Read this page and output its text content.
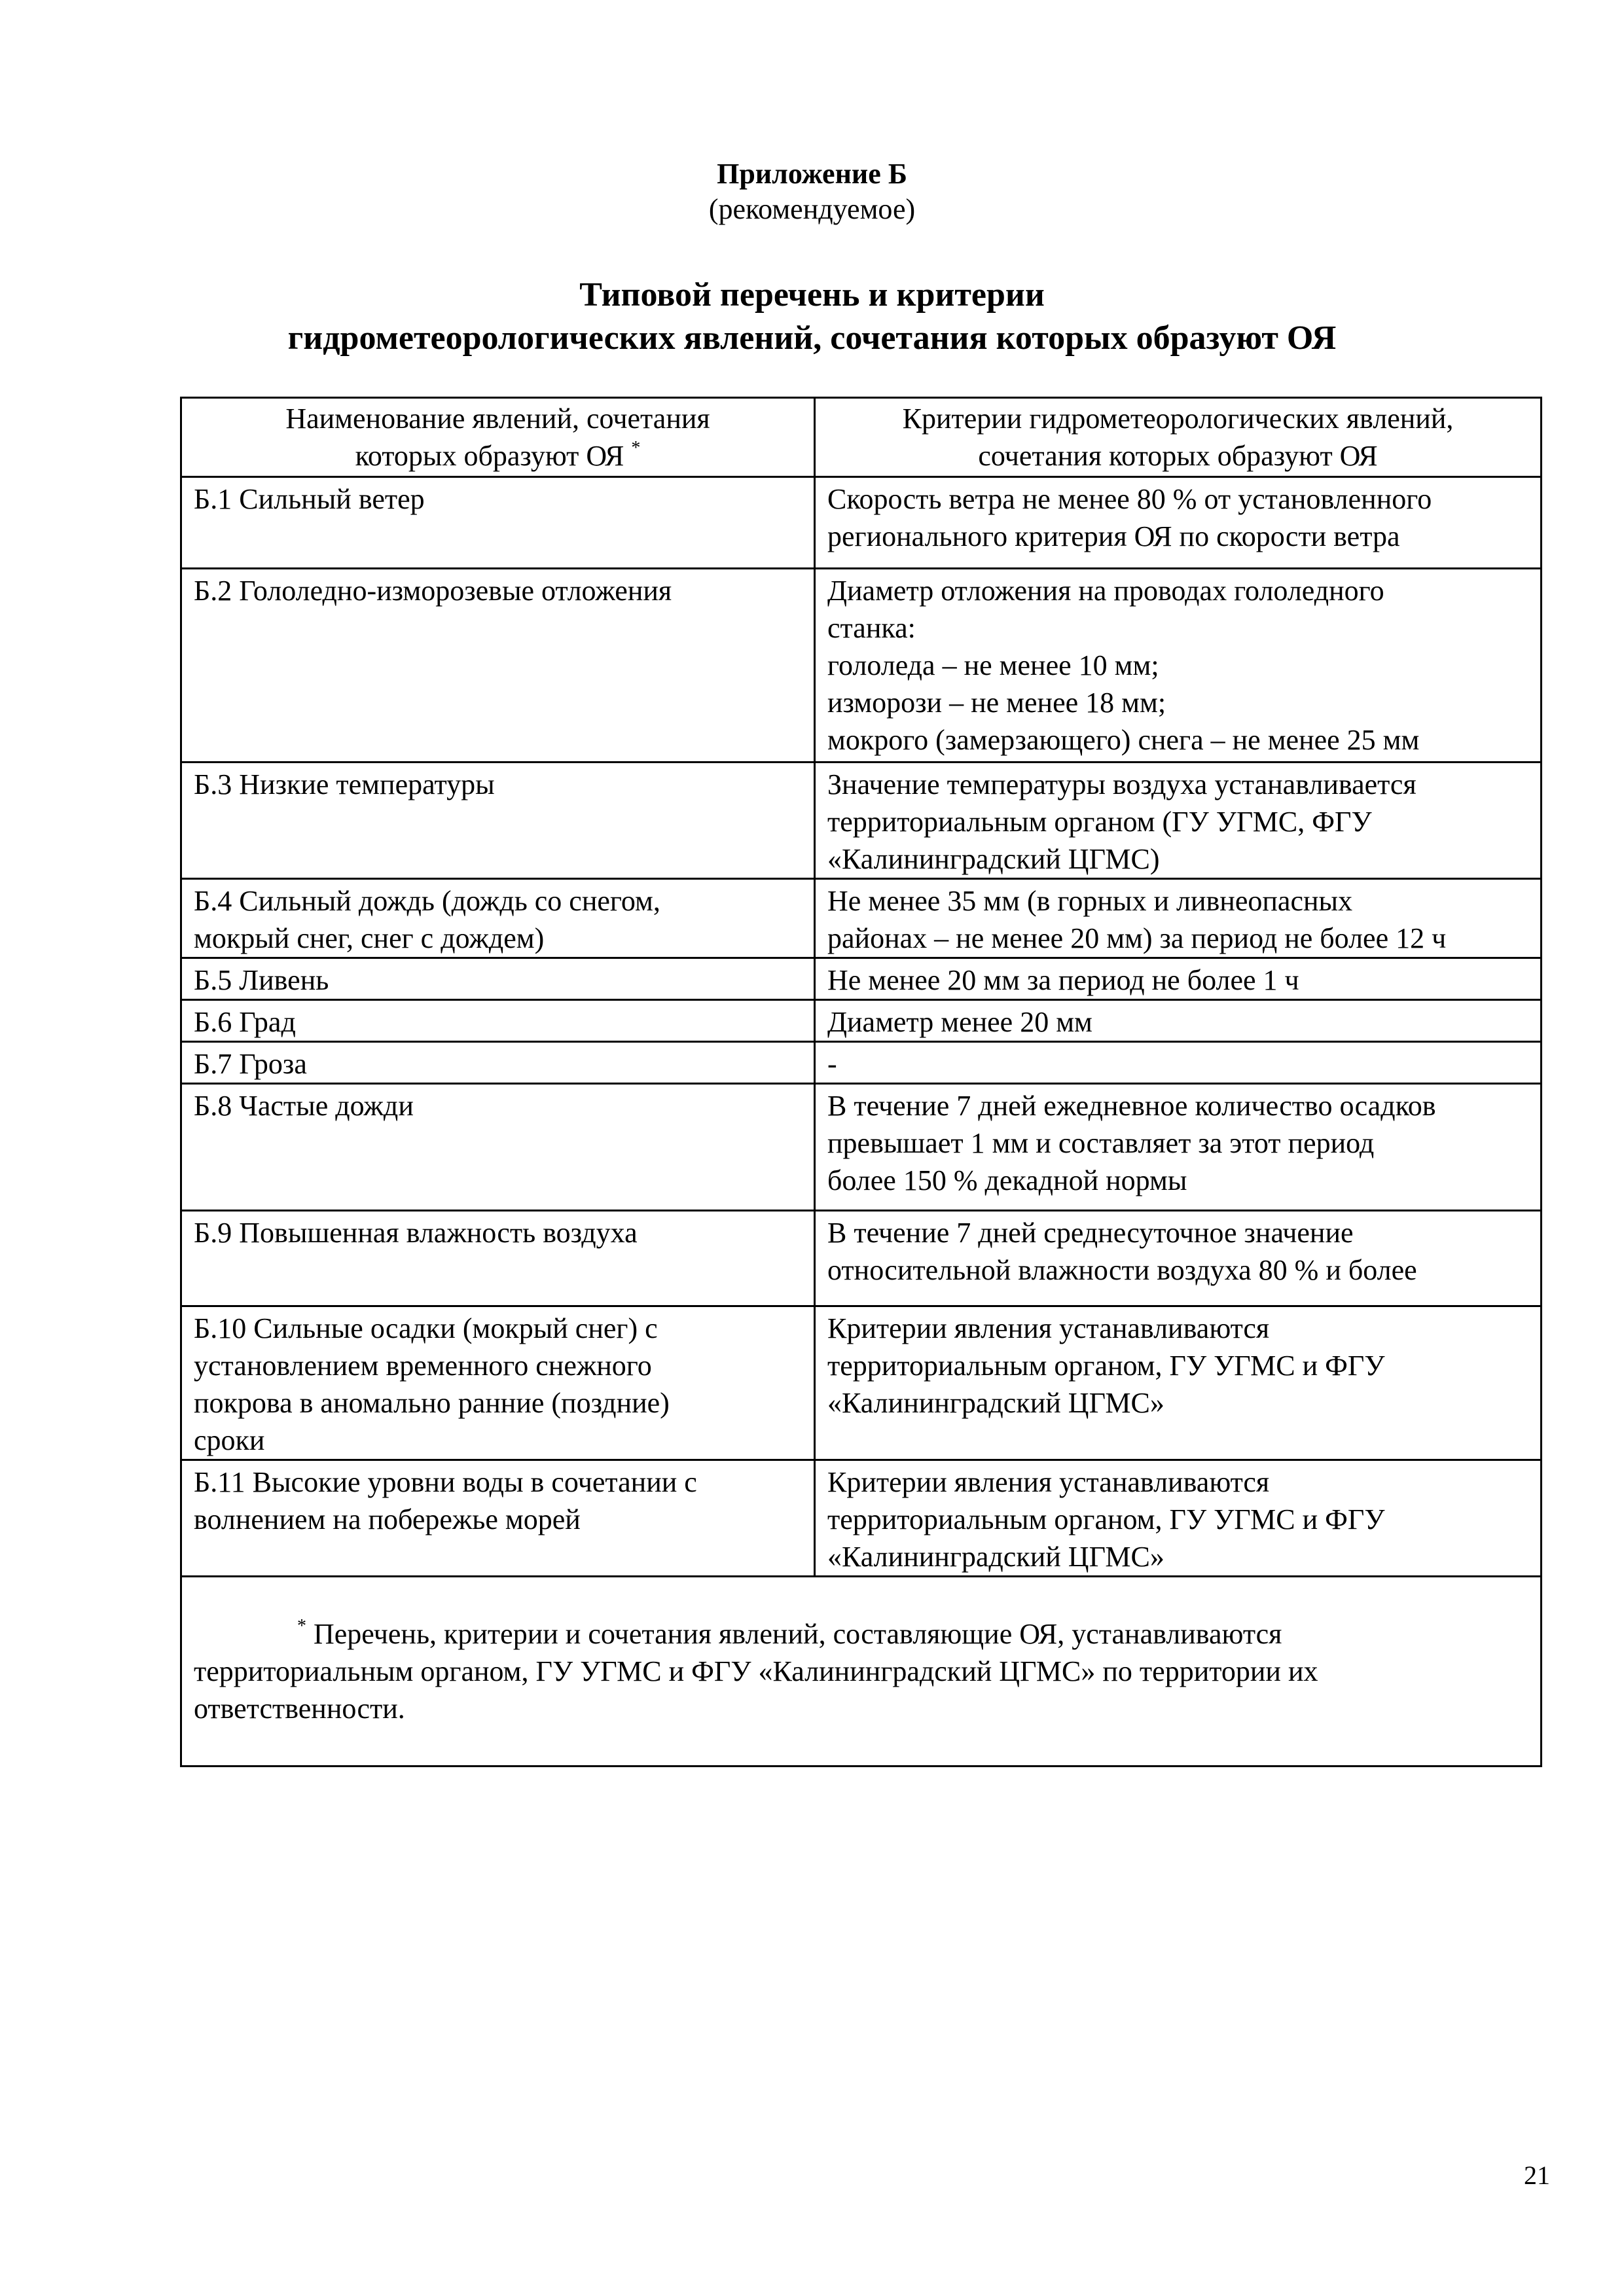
Приложение Б
(рекомендуемое)
Типовой перечень и критерии
гидрометеорологических явлений, сочетания которых образуют ОЯ
Наименование явлений, сочетания
которых образуют ОЯ *	Критерии гидрометеорологических явлений,
сочетания которых образуют ОЯ

Б.1 Сильный ветер	Скорость ветра не менее 80 % от установленного
регионального критерия ОЯ по скорости ветра

Б.2 Гололедно-изморозевые отложения	Диаметр отложения на проводах гололедного
станка:
гололеда – не менее 10 мм;
изморози – не менее 18 мм;
мокрого (замерзающего) снега – не менее 25 мм

Б.3 Низкие температуры	Значение температуры воздуха устанавливается
территориальным органом (ГУ УГМС, ФГУ
«Калининградский ЦГМС)

Б.4 Сильный дождь (дождь со снегом,
мокрый снег, снег с дождем)	Не менее 35 мм (в горных и ливнеопасных
районах – не менее 20 мм) за период не более 12 ч

Б.5 Ливень	Не менее 20 мм за период не более 1 ч

Б.6 Град	Диаметр менее 20 мм

Б.7 Гроза	-

Б.8 Частые дожди	В течение 7 дней ежедневное количество осадков
превышает 1 мм и составляет за этот период
более 150 % декадной нормы

Б.9 Повышенная влажность воздуха	В течение 7 дней среднесуточное значение
относительной влажности воздуха 80 % и более

Б.10 Сильные осадки (мокрый снег) с
установлением временного снежного
покрова в аномально ранние (поздние)
сроки	Критерии явления устанавливаются
территориальным органом, ГУ УГМС и ФГУ
«Калининградский ЦГМС»

Б.11 Высокие уровни воды в сочетании с
волнением на побережье морей	Критерии явления устанавливаются
территориальным органом, ГУ УГМС и ФГУ
«Калининградский ЦГМС»

* Перечень, критерии и сочетания явлений, составляющие ОЯ, устанавливаются
территориальным органом, ГУ УГМС и ФГУ «Калининградский ЦГМС» по территории их
ответственности.	
21
